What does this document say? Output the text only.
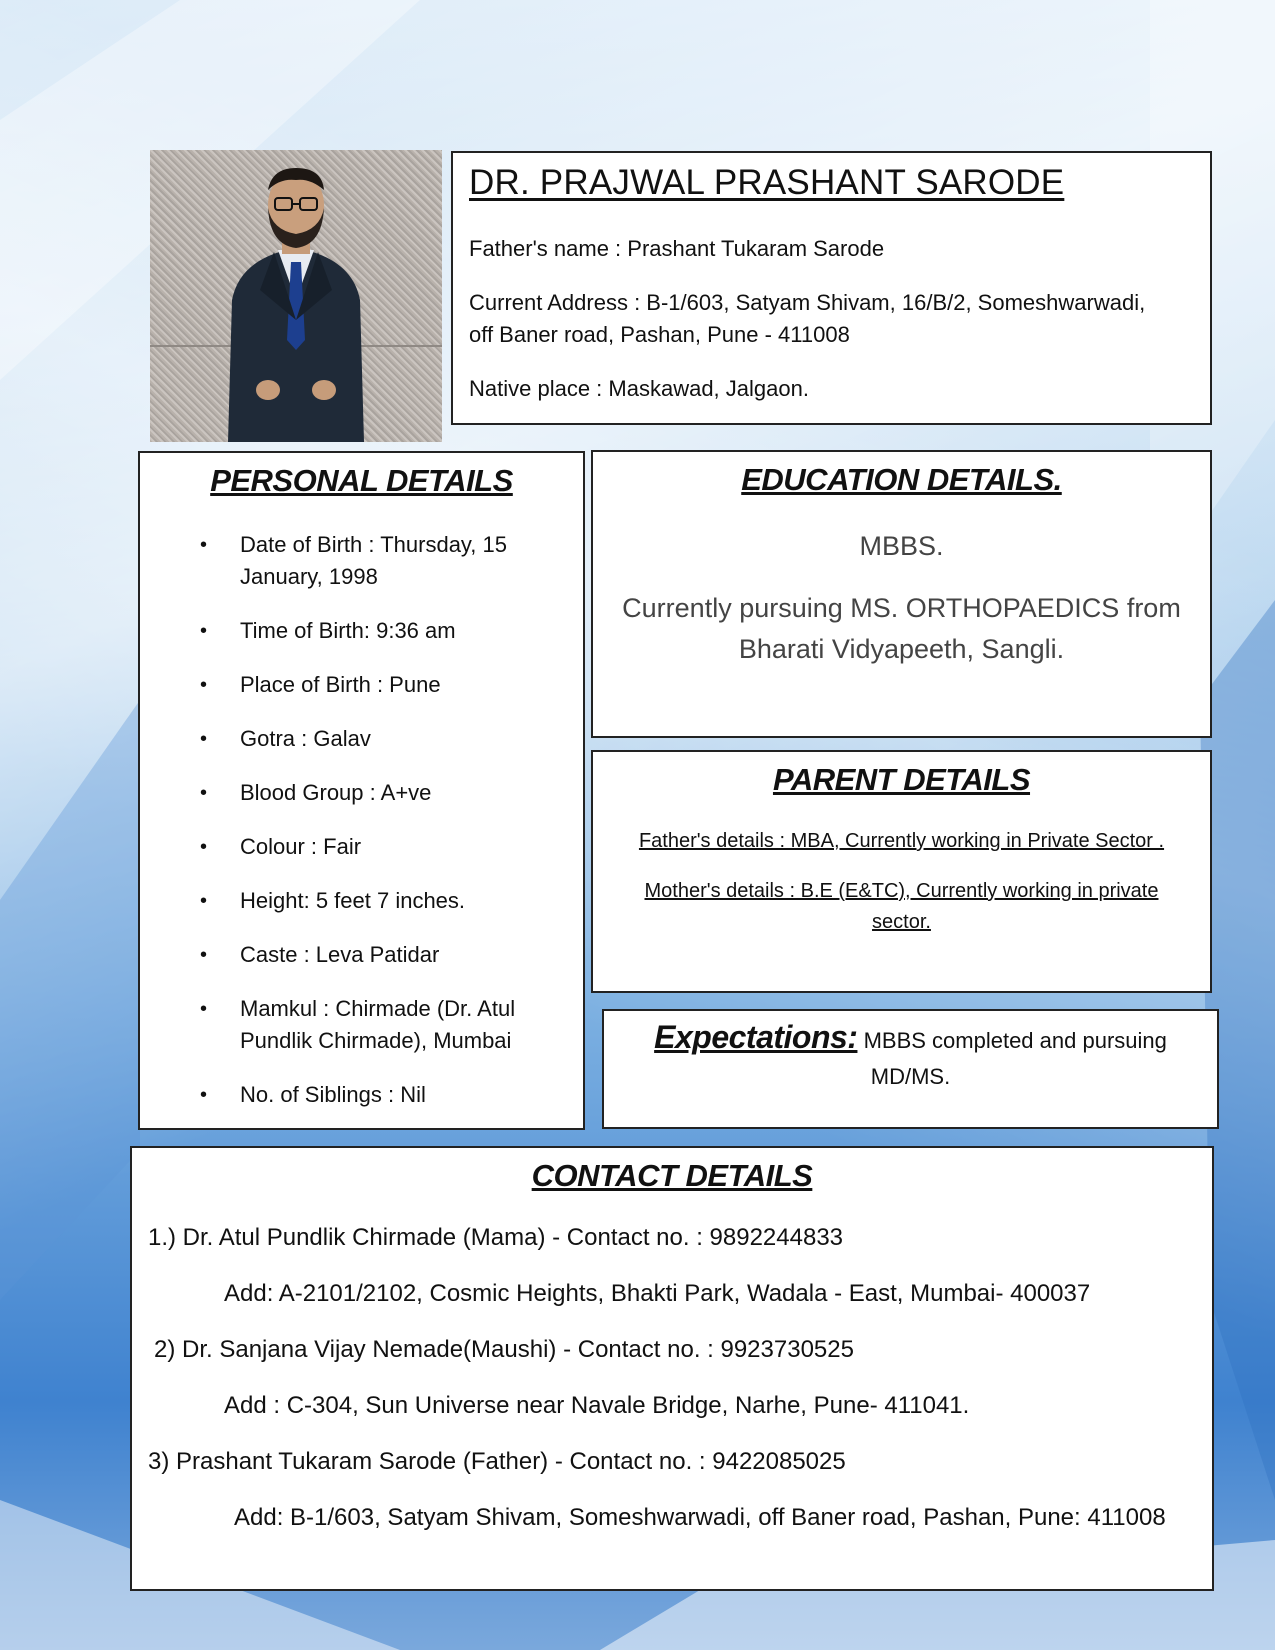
DR. PRAJWAL PRASHANT SARODE
Father's name : Prashant Tukaram Sarode
Current Address : B-1/603, Satyam Shivam, 16/B/2, Someshwarwadi,
off Baner road, Pashan, Pune - 411008
Native place : Maskawad, Jalgaon.
PERSONAL DETAILS
• Date of Birth : Thursday, 15 January, 1998
• Time of Birth: 9:36 am
• Place of Birth : Pune
• Gotra : Galav
• Blood Group : A+ve
• Colour : Fair
• Height: 5 feet 7 inches.
• Caste : Leva Patidar
• Mamkul : Chirmade (Dr. Atul Pundlik Chirmade), Mumbai
• No. of Siblings : Nil
EDUCATION DETAILS.
MBBS.
Currently pursuing MS. ORTHOPAEDICS from Bharati Vidyapeeth, Sangli.
PARENT DETAILS
Father's details : MBA, Currently working in Private Sector .
Mother's details : B.E (E&TC), Currently working in private sector.
Expectations: MBBS completed and pursuing MD/MS.
CONTACT DETAILS
1.) Dr. Atul Pundlik Chirmade (Mama) - Contact no. : 9892244833
Add: A-2101/2102, Cosmic Heights, Bhakti Park, Wadala - East, Mumbai- 400037
2) Dr. Sanjana Vijay Nemade(Maushi) - Contact no. : 9923730525
Add : C-304, Sun Universe near Navale Bridge, Narhe, Pune- 411041.
3) Prashant Tukaram Sarode (Father) - Contact no. : 9422085025
Add: B-1/603, Satyam Shivam, Someshwarwadi, off Baner road, Pashan, Pune: 411008
